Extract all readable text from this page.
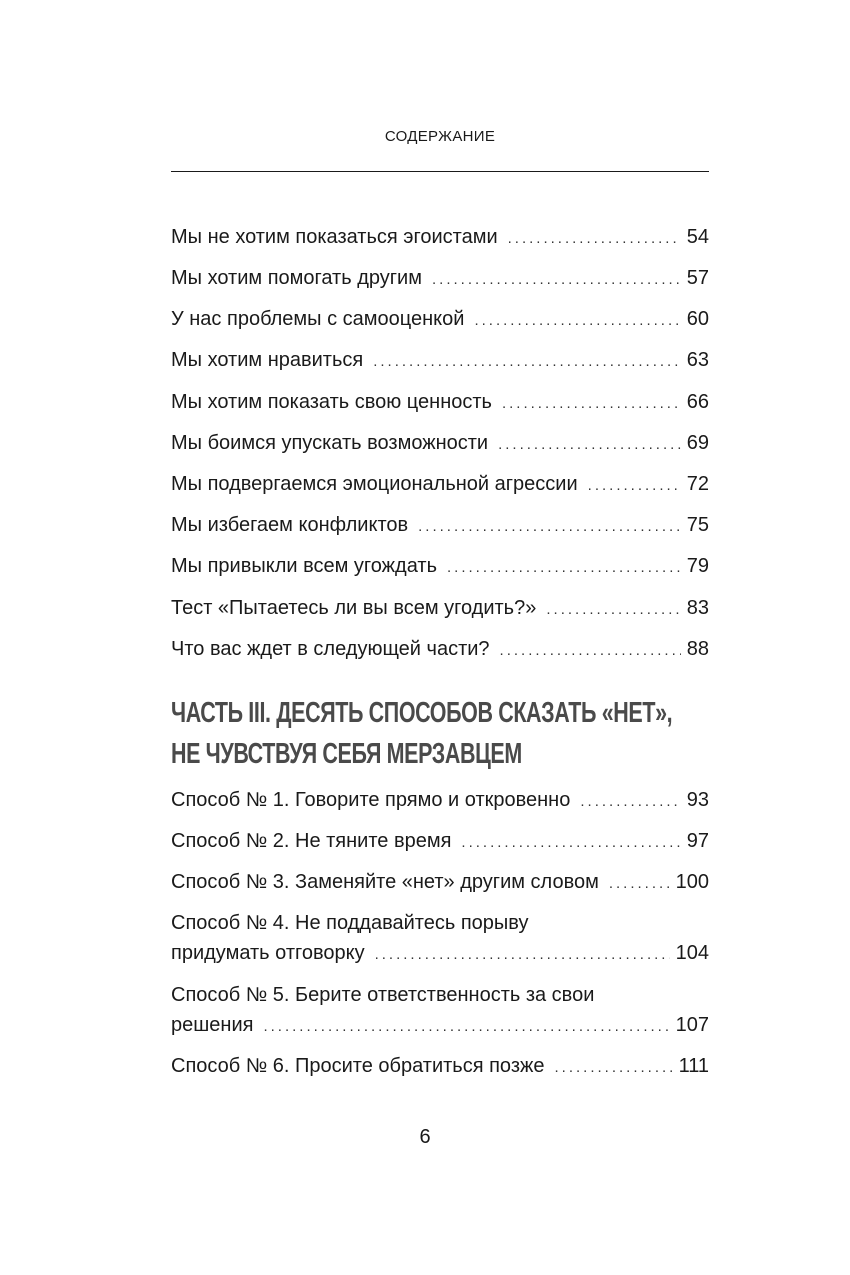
СОДЕРЖАНИЕ
Мы не хотим показаться эгоистами .....	54
Мы хотим помогать другим .....	57
У нас проблемы с самооценкой .....	60
Мы хотим нравиться .....	63
Мы хотим показать свою ценность .....	66
Мы боимся упускать возможности .....	69
Мы подвергаемся эмоциональной агрессии .....	72
Мы избегаем конфликтов .....	75
Мы привыкли всем угождать .....	79
Тест «Пытаетесь ли вы всем угодить?» .....	83
Что вас ждет в следующей части? .....	88
Способ № 1. Говорите прямо и откровенно .....	93
Способ № 2. Не тяните время .....	97
Способ № 3. Заменяйте «нет» другим словом .....	100
Способ № 4. Не поддавайтесь порыву
придумать отговорку .....	104
Способ № 5. Берите ответственность за свои
решения .....	107
Способ № 6. Просите обратиться позже .....	111
ЧАСТЬ III. ДЕСЯТЬ СПОСОБОВ СКАЗАТЬ «НЕТ»,
НЕ ЧУВСТВУЯ СЕБЯ МЕРЗАВЦЕМ
6
